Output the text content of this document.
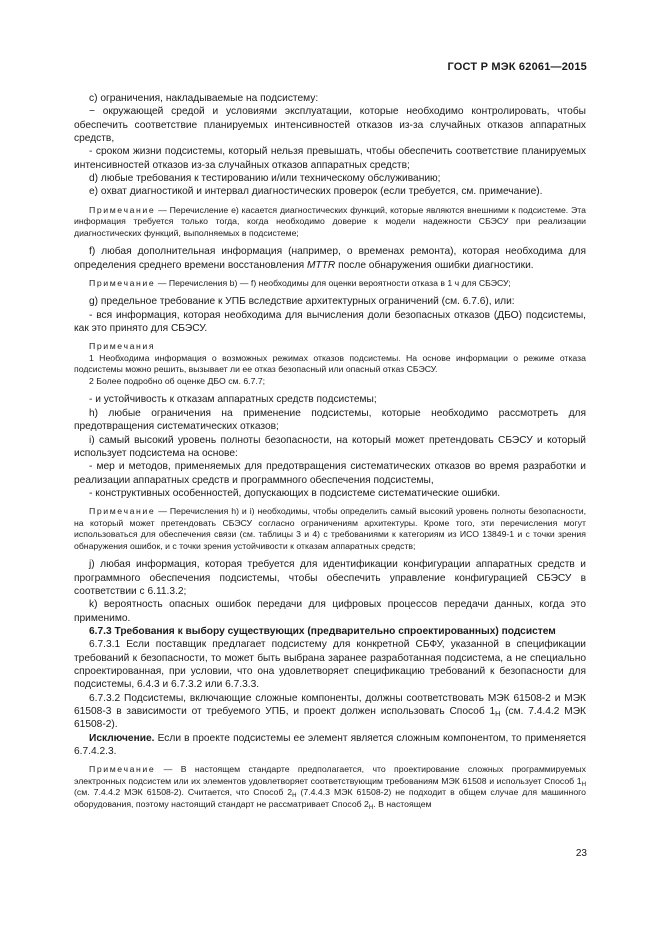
ГОСТ Р МЭК 62061—2015

с) ограничения, накладываемые на подсистему:

− окружающей средой и условиями эксплуатации, которые необходимо контролировать, чтобы обеспечить соответствие планируемых интенсивностей отказов из-за случайных отказов аппаратных средств,

- сроком жизни подсистемы, который нельзя превышать, чтобы обеспечить соответствие планируемых интенсивностей отказов из-за случайных отказов аппаратных средств;

d) любые требования к тестированию и/или техническому обслуживанию;

е) охват диагностикой и интервал диагностических проверок (если требуется, см. примечание).

Примечание — Перечисление е) касается диагностических функций, которые являются внешними к подсистеме. Эта информация требуется только тогда, когда необходимо доверие к модели надежности СБЭСУ при реализации диагностических функций, выполняемых в подсистеме;

f) любая дополнительная информация (например, о временах ремонта), которая необходима для определения среднего времени восстановления MTTR после обнаружения ошибки диагностики.

Примечание — Перечисления b) — f) необходимы для оценки вероятности отказа в 1 ч для СБЭСУ;

g) предельное требование к УПБ вследствие архитектурных ограничений (см. 6.7.6), или:

- вся информация, которая необходима для вычисления доли безопасных отказов (ДБО) подсистемы, как это принято для СБЭСУ.

Примечания

1 Необходима информация о возможных режимах отказов подсистемы. На основе информации о режиме отказа подсистемы можно решить, вызывает ли ее отказ безопасный или опасный отказ СБЭСУ.

2 Более подробно об оценке ДБО см. 6.7.7;

- и устойчивость к отказам аппаратных средств подсистемы;

h) любые ограничения на применение подсистемы, которые необходимо рассмотреть для предотвращения систематических отказов;

i) самый высокий уровень полноты безопасности, на который может претендовать СБЭСУ и который использует подсистема на основе:

- мер и методов, применяемых для предотвращения систематических отказов во время разработки и реализации аппаратных средств и программного обеспечения подсистемы,

- конструктивных особенностей, допускающих в подсистеме систематические ошибки.

Примечание — Перечисления h) и i) необходимы, чтобы определить самый высокий уровень полноты безопасности, на который может претендовать СБЭСУ согласно ограничениям архитектуры. Кроме того, эти перечисления могут использоваться для обеспечения связи (см. таблицы 3 и 4) с требованиями к категориям из ИСО 13849-1 и с точки зрения обнаружения ошибок, и с точки зрения устойчивости к отказам аппаратных средств;

j) любая информация, которая требуется для идентификации конфигурации аппаратных средств и программного обеспечения подсистемы, чтобы обеспечить управление конфигурацией СБЭСУ в соответствии с 6.11.3.2;

k) вероятность опасных ошибок передачи для цифровых процессов передачи данных, когда это применимо.

6.7.3 Требования к выбору существующих (предварительно спроектированных) подсистем

6.7.3.1 Если поставщик предлагает подсистему для конкретной СБФУ, указанной в спецификации требований к безопасности, то может быть выбрана заранее разработанная подсистема, а не специально спроектированная, при условии, что она удовлетворяет спецификацию требований к безопасности для подсистемы, 6.4.3 и 6.7.3.2 или 6.7.3.3.

6.7.3.2 Подсистемы, включающие сложные компоненты, должны соответствовать МЭК 61508-2 и МЭК 61508-3 в зависимости от требуемого УПБ, и проект должен использовать Способ $1_H$ (см. 7.4.4.2 МЭК 61508-2).

Исключение. Если в проекте подсистемы ее элемент является сложным компонентом, то применяется 6.7.4.2.3.

Примечание — В настоящем стандарте предполагается, что проектирование сложных программируемых электронных подсистем или их элементов удовлетворяет соответствующим требованиям МЭК 61508 и использует Способ $1_H$ (см. 7.4.4.2 МЭК 61508-2). Считается, что Способ $2_H$ (7.4.4.3 МЭК 61508-2) не подходит в общем случае для машинного оборудования, поэтому настоящий стандарт не рассматривает Способ $2_H$. В настоящем

23
